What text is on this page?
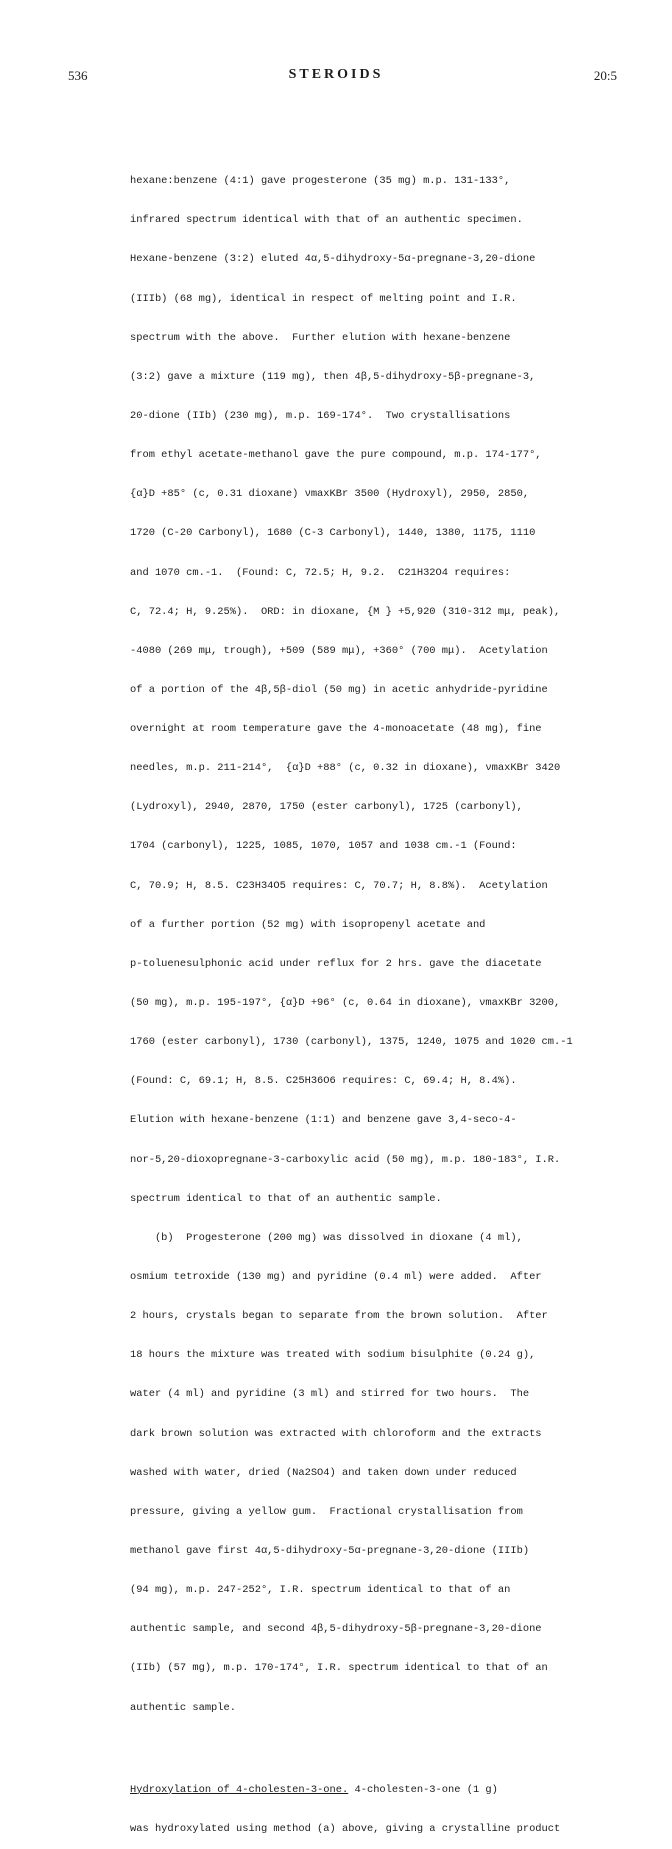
536	STEROIDS	20:5

hexane:benzene (4:1) gave progesterone (35 mg) m.p. 131-133°,

infrared spectrum identical with that of an authentic specimen.

Hexane-benzene (3:2) eluted 4α,5-dihydroxy-5α-pregnane-3,20-dione

(IIIb) (68 mg), identical in respect of melting point and I.R.

spectrum with the above.  Further elution with hexane-benzene

(3:2) gave a mixture (119 mg), then 4β,5-dihydroxy-5β-pregnane-3,

20-dione (IIb) (230 mg), m.p. 169-174°.  Two crystallisations

from ethyl acetate-methanol gave the pure compound, m.p. 174-177°,

{α}D +85° (c, 0.31 dioxane) νmaxKBr 3500 (Hydroxyl), 2950, 2850,

1720 (C-20 Carbonyl), 1680 (C-3 Carbonyl), 1440, 1380, 1175, 1110

and 1070 cm.-1.  (Found: C, 72.5; H, 9.2.  C21H32O4 requires:

C, 72.4; H, 9.25%).  ORD: in dioxane, {M } +5,920 (310-312 mμ, peak),

-4080 (269 mμ, trough), +509 (589 mμ), +360° (700 mμ).  Acetylation

of a portion of the 4β,5β-diol (50 mg) in acetic anhydride-pyridine

overnight at room temperature gave the 4-monoacetate (48 mg), fine

needles, m.p. 211-214°,  {α}D +88° (c, 0.32 in dioxane), νmaxKBr 3420

(Lydroxyl), 2940, 2870, 1750 (ester carbonyl), 1725 (carbonyl),

1704 (carbonyl), 1225, 1085, 1070, 1057 and 1038 cm.-1 (Found:

C, 70.9; H, 8.5. C23H34O5 requires: C, 70.7; H, 8.8%).  Acetylation

of a further portion (52 mg) with isopropenyl acetate and

p-toluenesulphonic acid under reflux for 2 hrs. gave the diacetate

(50 mg), m.p. 195-197°, {α}D +96° (c, 0.64 in dioxane), νmaxKBr 3200,

1760 (ester carbonyl), 1730 (carbonyl), 1375, 1240, 1075 and 1020 cm.-1

(Found: C, 69.1; H, 8.5. C25H36O6 requires: C, 69.4; H, 8.4%).

Elution with hexane-benzene (1:1) and benzene gave 3,4-seco-4-

nor-5,20-dioxopregnane-3-carboxylic acid (50 mg), m.p. 180-183°, I.R.

spectrum identical to that of an authentic sample.

(b)  Progesterone (200 mg) was dissolved in dioxane (4 ml),

osmium tetroxide (130 mg) and pyridine (0.4 ml) were added.  After

2 hours, crystals began to separate from the brown solution.  After

18 hours the mixture was treated with sodium bisulphite (0.24 g),

water (4 ml) and pyridine (3 ml) and stirred for two hours.  The

dark brown solution was extracted with chloroform and the extracts

washed with water, dried (Na2SO4) and taken down under reduced

pressure, giving a yellow gum.  Fractional crystallisation from

methanol gave first 4α,5-dihydroxy-5α-pregnane-3,20-dione (IIIb)

(94 mg), m.p. 247-252°, I.R. spectrum identical to that of an

authentic sample, and second 4β,5-dihydroxy-5β-pregnane-3,20-dione

(IIb) (57 mg), m.p. 170-174°, I.R. spectrum identical to that of an

authentic sample.

Hydroxylation of 4-cholesten-3-one. 4-cholesten-3-one (1 g)

was hydroxylated using method (a) above, giving a crystalline product
